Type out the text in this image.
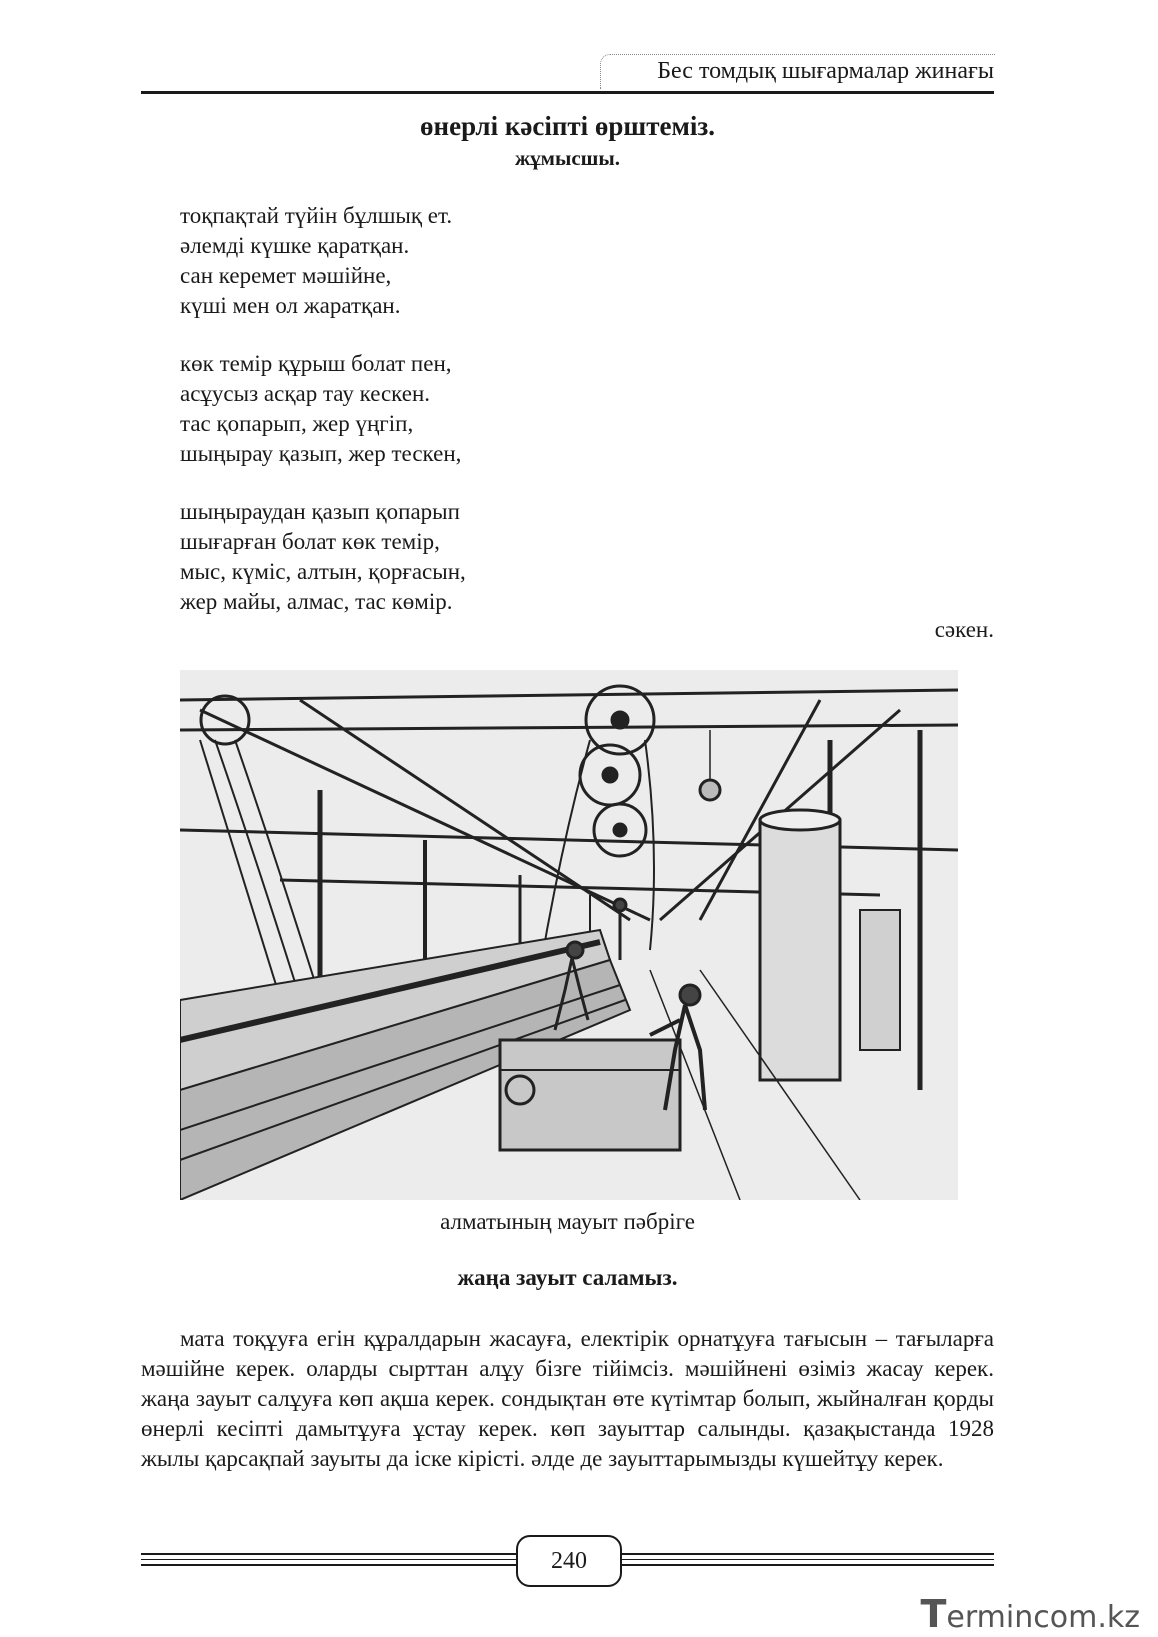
Бес томдық шығармалар жинағы
өнерлі кәсіпті өрштеміз.
жұмысшы.
тоқпақтай түйін бұлшық ет.
әлемді күшке қаратқан.
сан керемет мәшійне,
күші мен ол жаратқан.
көк темір құрыш болат пен,
асұусыз асқар тау кескен.
тас қопарып, жер үңгіп,
шыңырау қазып, жер тескен,
шыңыраудан қазып қопарып
шығарған болат көк темір,
мыс, күміс, алтын, қорғасын,
жер майы, алмас, тас көмір.
сәкен.
алматының мауыт пәбріге
жаңа зауыт саламыз.
мата тоқұуға егін құралдарын жасауға, електірік орнатұуға тағысын – тағыларға мәшійне керек. оларды сырттан алұу бізге тійімсіз. мәшійнені өзіміз жасау керек. жаңа зауыт салұуға көп ақша керек. сондықтан өте күтімтар болып, жыйналған қорды өнерлі кесіпті дамытұуға ұстау керек. көп зауыттар салынды. қазақыстанда 1928 жылы қарсақпай зауыты да іске кірісті. әлде де зауыттарымызды күшейтұу керек.
240
Termincom.kz
